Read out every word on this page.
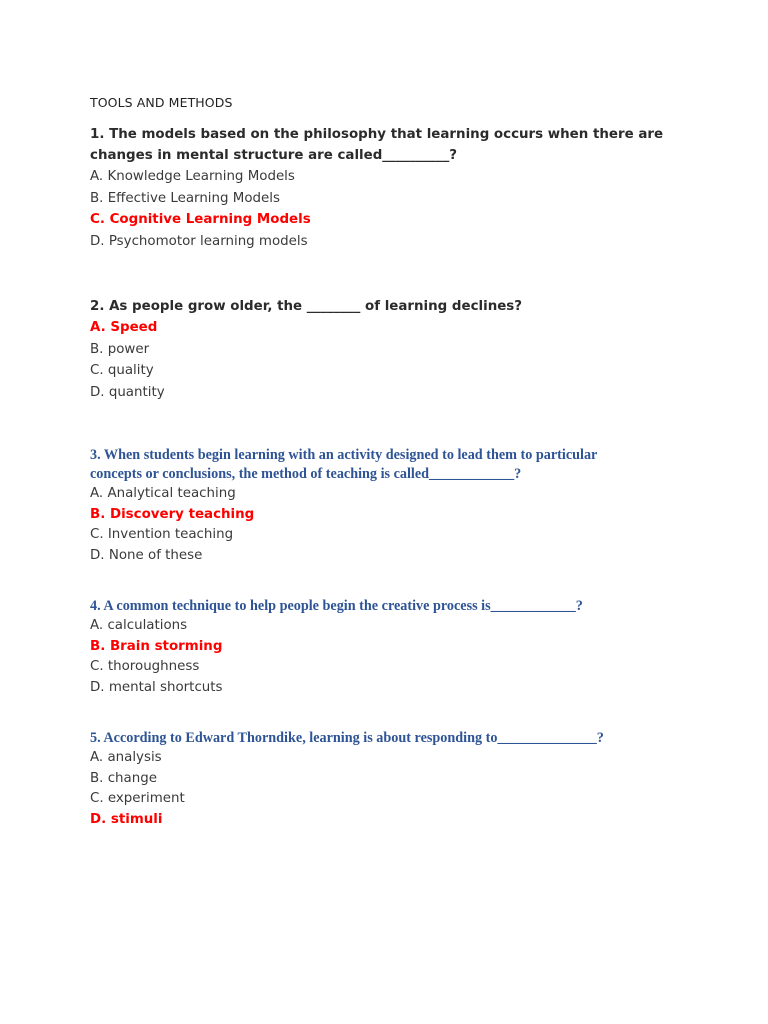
TOOLS AND METHODS
1. The models based on the philosophy that learning occurs when there are
changes in mental structure are called__________?
A. Knowledge Learning Models
B. Effective Learning Models
C. Cognitive Learning Models
D. Psychomotor learning models
2. As people grow older, the ________ of learning declines?
A. Speed
B. power
C. quality
D. quantity
3. When students begin learning with an activity designed to lead them to particular
concepts or conclusions, the method of teaching is called____________?
A. Analytical teaching
B. Discovery teaching
C. Invention teaching
D. None of these
4. A common technique to help people begin the creative process is____________?
A. calculations
B. Brain storming
C. thoroughness
D. mental shortcuts
5. According to Edward Thorndike, learning is about responding to______________?
A. analysis
B. change
C. experiment
D. stimuli
